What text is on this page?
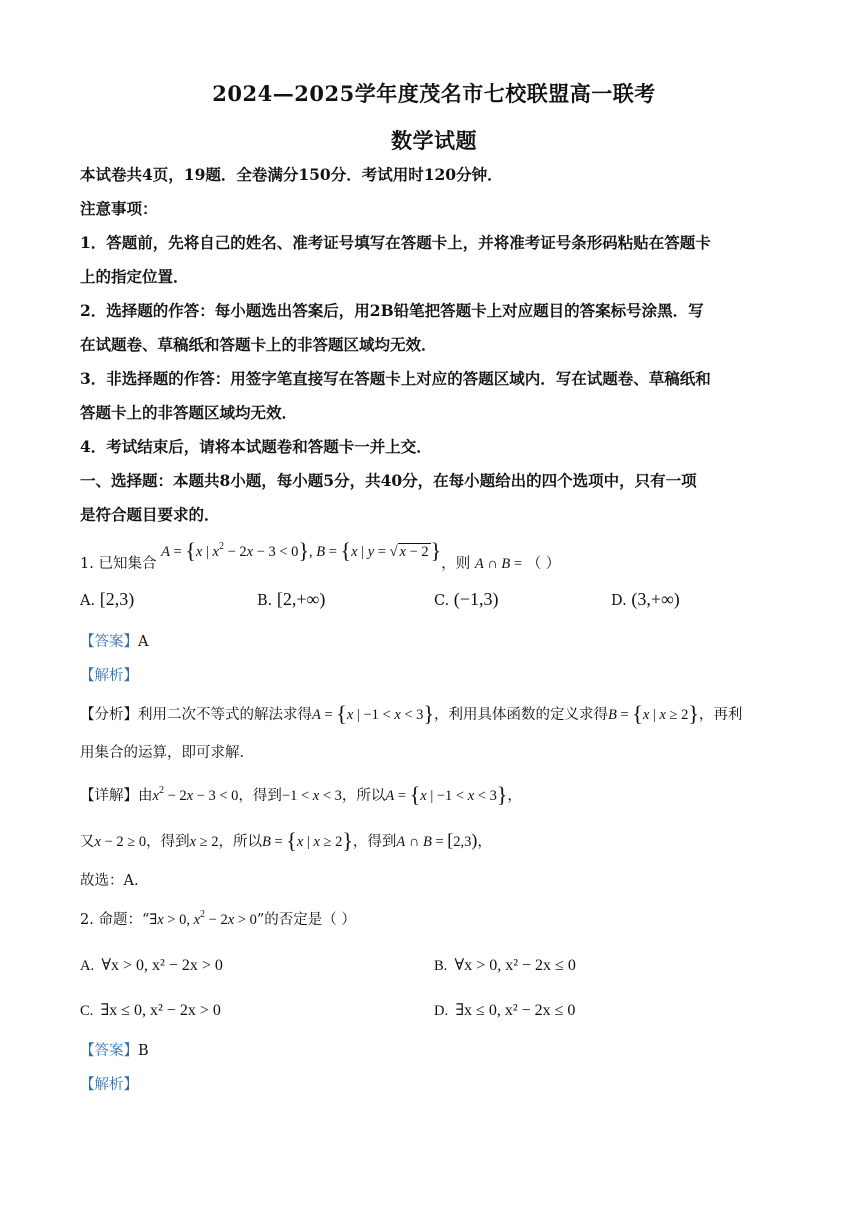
2024—2025学年度茂名市七校联盟高一联考
数学试题
本试卷共4页，19题．全卷满分150分．考试用时120分钟．
注意事项：
1．答题前，先将自己的姓名、准考证号填写在答题卡上，并将准考证号条形码粘贴在答题卡
上的指定位置．
2．选择题的作答：每小题选出答案后，用2B铅笔把答题卡上对应题目的答案标号涂黑．写
在试题卷、草稿纸和答题卡上的非答题区域均无效．
3．非选择题的作答：用签字笔直接写在答题卡上对应的答题区域内．写在试题卷、草稿纸和
答题卡上的非答题区域均无效．
4．考试结束后，请将本试题卷和答题卡一并上交．
一、选择题：本题共8小题，每小题5分，共40分，在每小题给出的四个选项中，只有一项
是符合题目要求的．
1. 已知集合 A = {x | $x^2 - 2x - 3 < 0$}, B = {x | y = √ x − 2}，则 A ∩ B = （ ）
A. [2,3)	B. [2,+∞)	C. (−1,3)	D. (3,+∞)
【答案】A
【解析】
【分析】利用二次不等式的解法求得A = {x | −1 < x < 3}，利用具体函数的定义求得B = {x | x ≥ 2}，再利
用集合的运算，即可求解.
【详解】由$x^2 - 2x - 3 < 0$，得到−1 < x < 3，所以A = {x | −1 < x < 3}，
又x − 2 ≥ 0，得到x ≥ 2，所以B = {x | x ≥ 2}，得到A ∩ B = [2,3)，
故选：A.
2. 命题：“∃x > 0, $x^2 - 2x > 0$”的否定是（ ）
A. ∀x > 0, x² − 2x > 0	B. ∀x > 0, x² − 2x ≤ 0
C. ∃x ≤ 0, x² − 2x > 0	D. ∃x ≤ 0, x² − 2x ≤ 0
【答案】B
【解析】
